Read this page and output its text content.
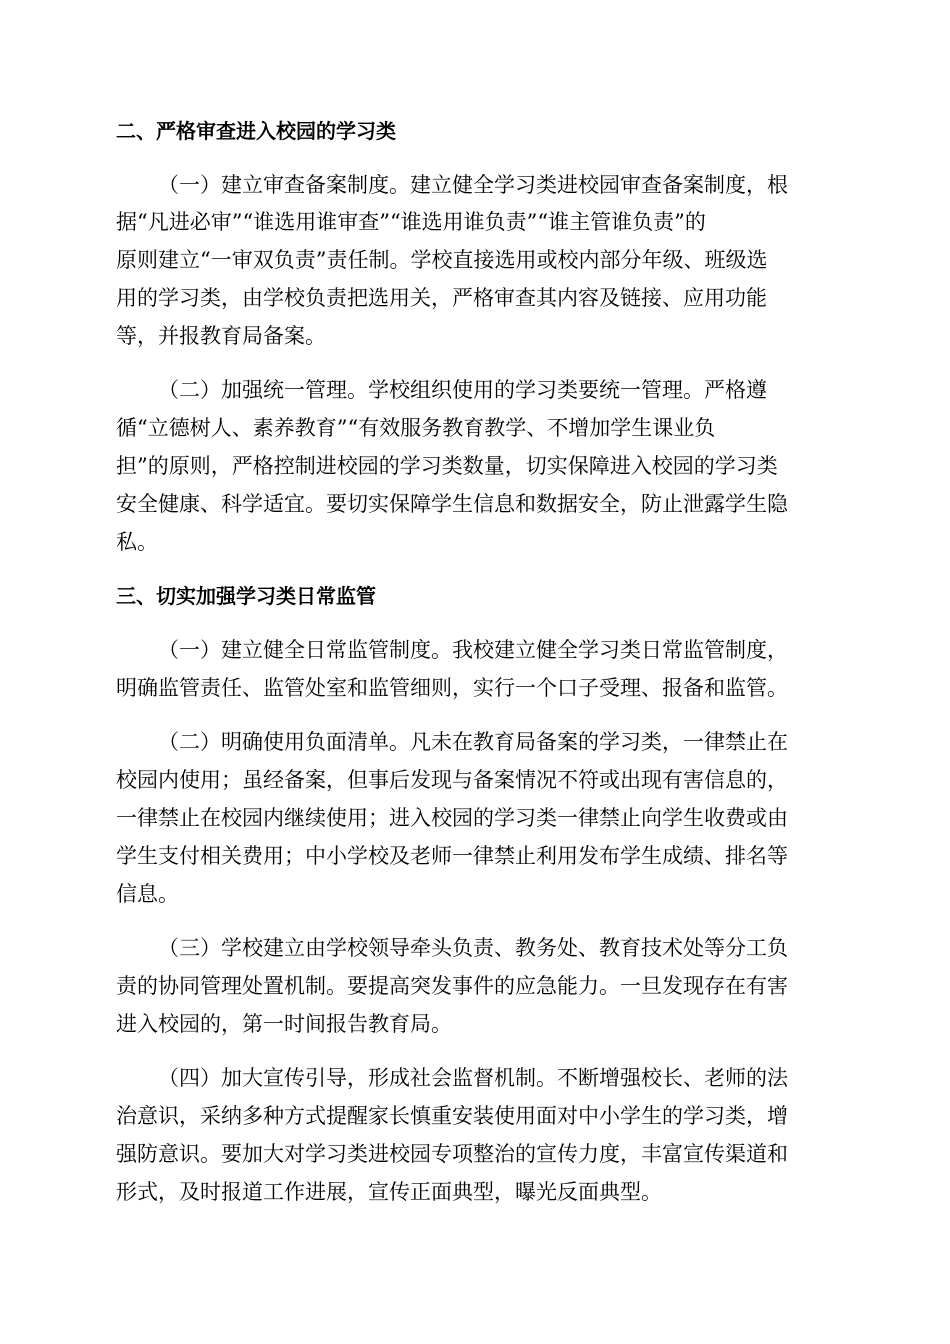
二、严格审查进入校园的学习类
（一）建立审查备案制度。建立健全学习类进校园审查备案制度，根
据“凡进必审”“谁选用谁审查”“谁选用谁负责”“谁主管谁负责”的
原则建立“一审双负责”责任制。学校直接选用或校内部分年级、班级选
用的学习类，由学校负责把选用关，严格审查其内容及链接、应用功能
等，并报教育局备案。
（二）加强统一管理。学校组织使用的学习类要统一管理。严格遵
循“立德树人、素养教育”“有效服务教育教学、不增加学生课业负
担”的原则，严格控制进校园的学习类数量，切实保障进入校园的学习类
安全健康、科学适宜。要切实保障学生信息和数据安全，防止泄露学生隐
私。
三、切实加强学习类日常监管
（一）建立健全日常监管制度。我校建立健全学习类日常监管制度，
明确监管责任、监管处室和监管细则，实行一个口子受理、报备和监管。
（二）明确使用负面清单。凡未在教育局备案的学习类，一律禁止在
校园内使用；虽经备案，但事后发现与备案情况不符或出现有害信息的，
一律禁止在校园内继续使用；进入校园的学习类一律禁止向学生收费或由
学生支付相关费用；中小学校及老师一律禁止利用发布学生成绩、排名等
信息。
（三）学校建立由学校领导牵头负责、教务处、教育技术处等分工负
责的协同管理处置机制。要提高突发事件的应急能力。一旦发现存在有害
进入校园的，第一时间报告教育局。
（四）加大宣传引导，形成社会监督机制。不断增强校长、老师的法
治意识，采纳多种方式提醒家长慎重安装使用面对中小学生的学习类，增
强防意识。要加大对学习类进校园专项整治的宣传力度，丰富宣传渠道和
形式，及时报道工作进展，宣传正面典型，曝光反面典型。
